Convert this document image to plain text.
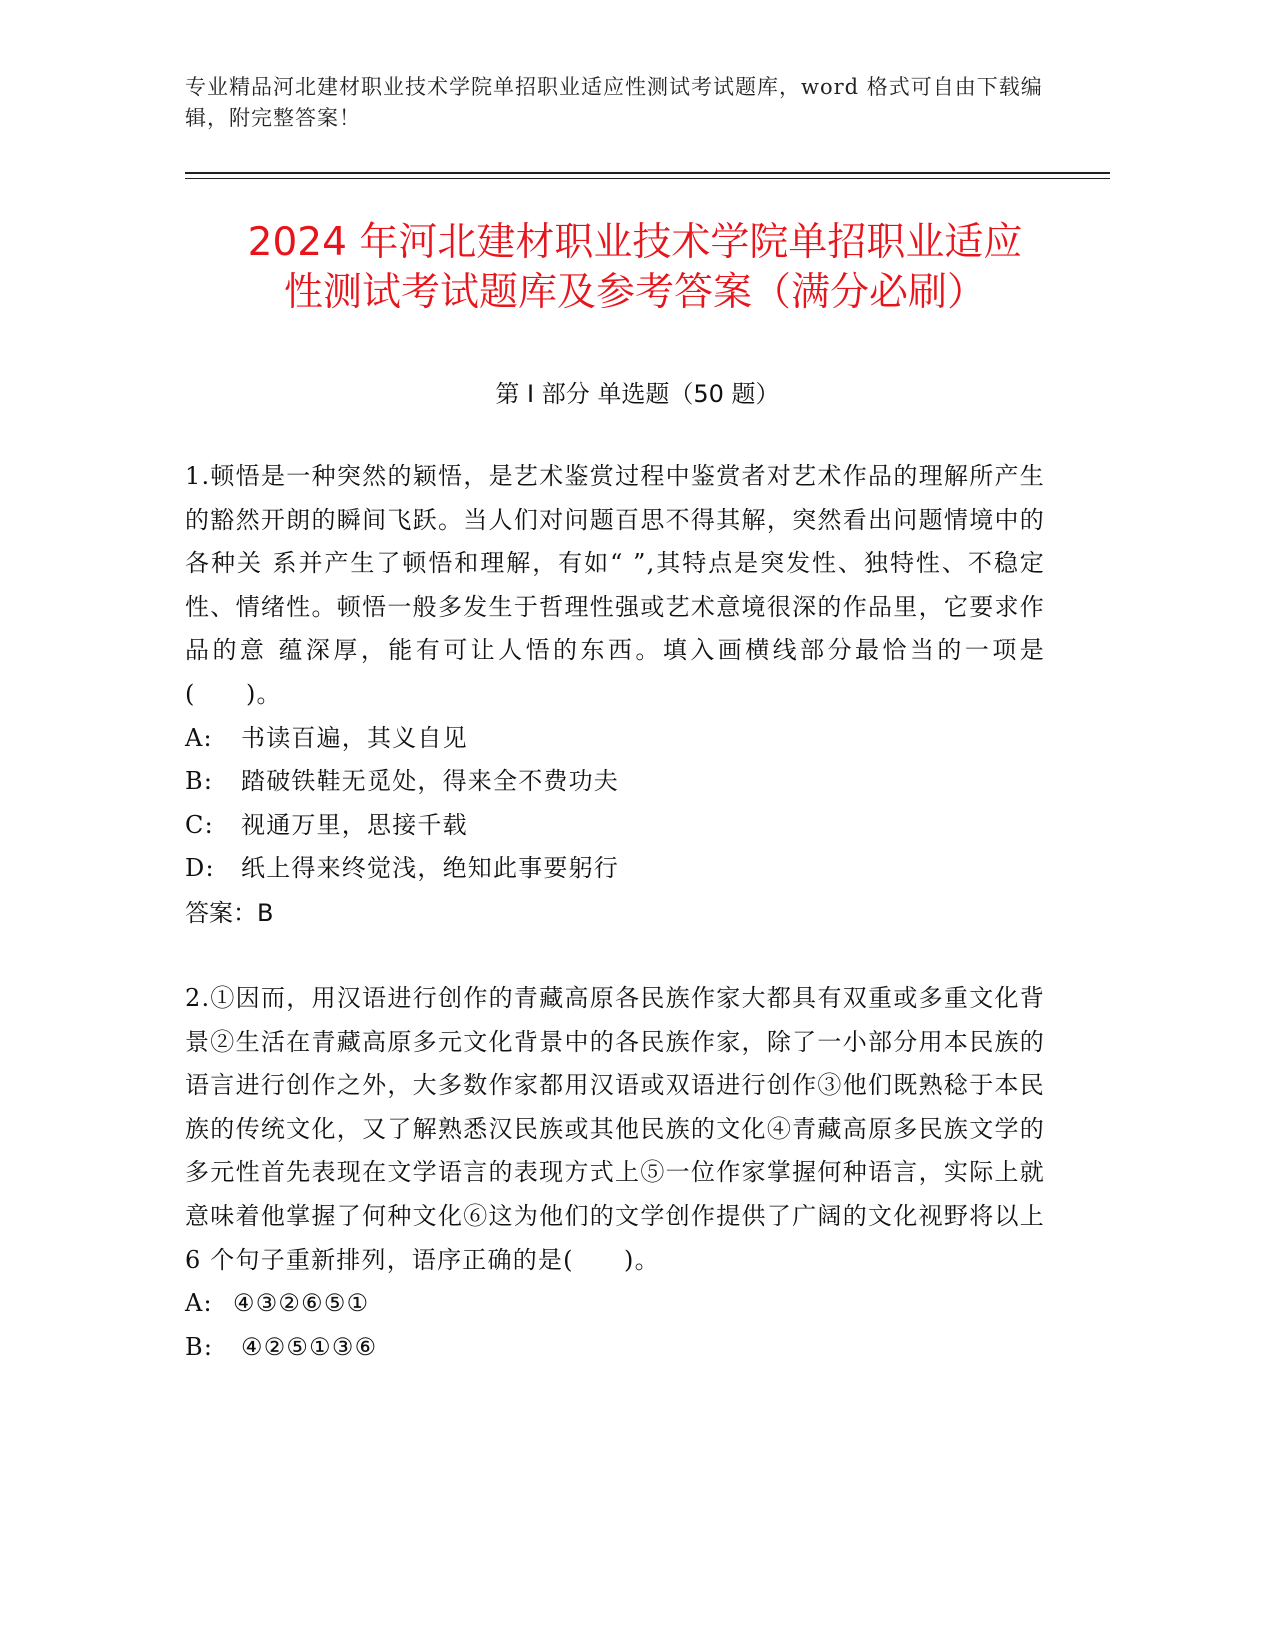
专业精品河北建材职业技术学院单招职业适应性测试考试题库，word 格式可自由下载编辑，附完整答案！
2024 年河北建材职业技术学院单招职业适应
性测试考试题库及参考答案（满分必刷）
第 I 部分 单选题（50 题）
1.顿悟是一种突然的颖悟，是艺术鉴赏过程中鉴赏者对艺术作品的理解所产生 的豁然开朗的瞬间飞跃。当人们对问题百思不得其解，突然看出问题情境中的各种关 系并产生了顿悟和理解，有如“ ”,其特点是突发性、独特性、不稳定 性、情绪性。顿悟一般多发生于哲理性强或艺术意境很深的作品里，它要求作品的意 蕴深厚，能有可让人悟的东西。填入画横线部分最恰当的一项是(　　)。
A: 书读百遍，其义自见
B: 踏破铁鞋无觅处，得来全不费功夫
C: 视通万里，思接千载
D: 纸上得来终觉浅，绝知此事要躬行
答案：B
2.①因而，用汉语进行创作的青藏高原各民族作家大都具有双重或多重文化背景②生活在青藏高原多元文化背景中的各民族作家，除了一小部分用本民族的语言进行创作之外，大多数作家都用汉语或双语进行创作③他们既熟稔于本民族的传统文化，又了解熟悉汉民族或其他民族的文化④青藏高原多民族文学的多元性首先表现在文学语言的表现方式上⑤一位作家掌握何种语言，实际上就意味着他掌握了何种文化⑥这为他们的文学创作提供了广阔的文化视野将以上 6 个句子重新排列，语序正确的是(　　)。
A: ④③②⑥⑤①
B: ④②⑤①③⑥
